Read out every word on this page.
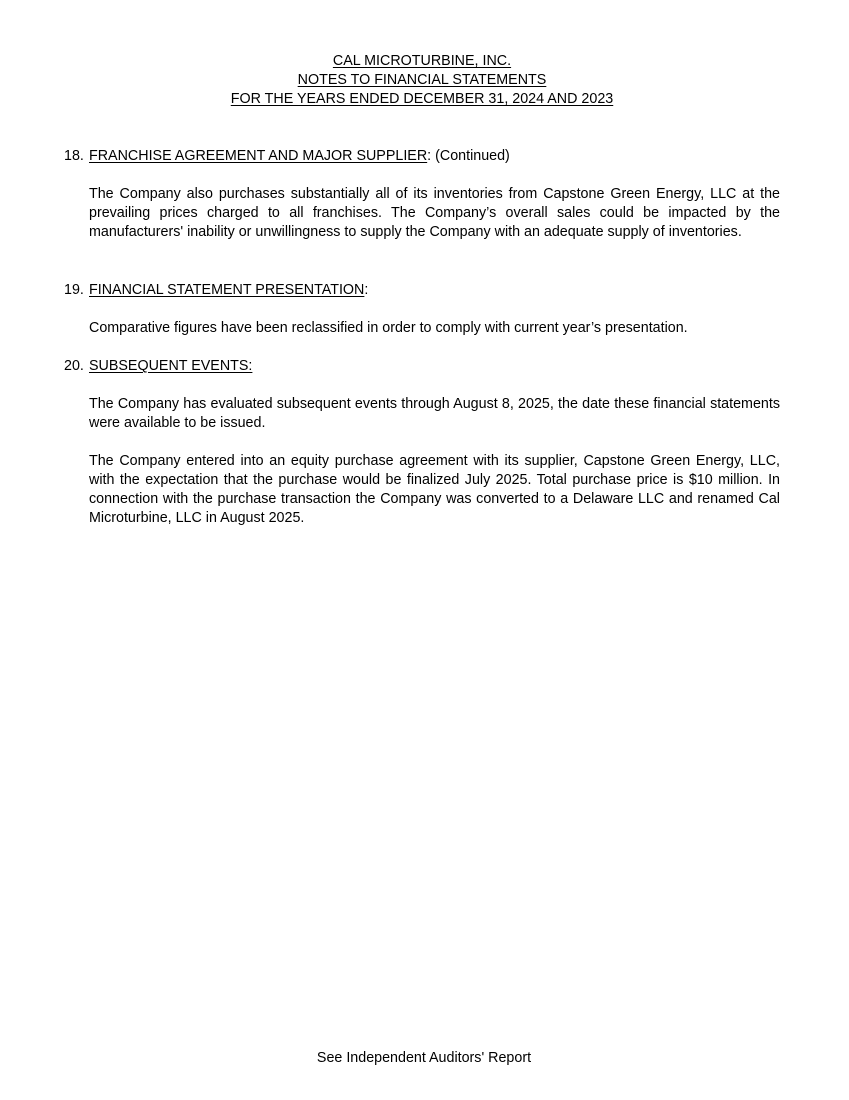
CAL MICROTURBINE, INC.
NOTES TO FINANCIAL STATEMENTS
FOR THE YEARS ENDED DECEMBER 31, 2024 AND 2023
18. FRANCHISE AGREEMENT AND MAJOR SUPPLIER: (Continued)
The Company also purchases substantially all of its inventories from Capstone Green Energy, LLC at the prevailing prices charged to all franchises. The Company’s overall sales could be impacted by the manufacturers' inability or unwillingness to supply the Company with an adequate supply of inventories.
19. FINANCIAL STATEMENT PRESENTATION:
Comparative figures have been reclassified in order to comply with current year’s presentation.
20. SUBSEQUENT EVENTS:
The Company has evaluated subsequent events through August 8, 2025, the date these financial statements were available to be issued.
The Company entered into an equity purchase agreement with its supplier, Capstone Green Energy, LLC, with the expectation that the purchase would be finalized July 2025. Total purchase price is $10 million. In connection with the purchase transaction the Company was converted to a Delaware LLC and renamed Cal Microturbine, LLC in August 2025.
See Independent Auditors' Report
